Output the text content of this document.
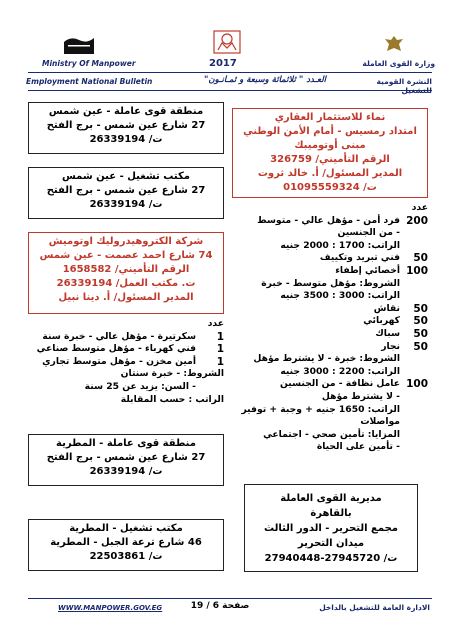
Ministry Of Manpower	2017	وزارة القوى العاملة
Employment National Bulletin	العـدد " ثلاثمائة وسبعة و ثمـانـون"	النشرة القومية للتشغيل
منطقة قوى عاملة - عين شمس
27 شارع عين شمس - برج الفتح
ت/ 26339194
مكتب تشغيل - عين شمس
27 شارع عين شمس - برج الفتح
ت/ 26339194
شركة الكتروهيدروليك اوتوميش
74 شارع احمد عصمت - عين شمس
الرقم التأميني/ 1658582
ت. مكتب العمل/ 26339194
المدير المسئول/ أ. دينا نبيل
عدد
1
سكرتيرة - مؤهل عالي - خبرة سنة
1
فني كهرباء - مؤهل متوسط صناعي
1
أمين مخزن - مؤهل متوسط تجاري
الشروط: - خبرة سنتان
- السن: يزيد عن 25 سنة
الراتب : حسب المقابلة
منطقة قوى عاملة - المطرية
27 شارع عين شمس - برج الفتح
ت/ 26339194
مكتب تشغيل - المطرية
46 شارع ترعة الجبل - المطرية
ت/ 22503861
نماء للاستثمار العقاري
امتداد رمسيس - أمام الأمن الوطني
مبنى أوتوميبك
الرقم التأميني/ 326759
المدير المسئول/ أ. خالد ثروت
ت/ 01095559324
عدد
200
فرد أمن - مؤهل عالي - متوسط
- من الجنسين
الراتب: 1700 : 2000 جنيه
50
فني تبريد وتكييف
100
أخصائي إطفاء
الشروط: مؤهل متوسط - خبرة
الراتب: 3000 : 3500 جنيه
50
نقاش
50
كهربائي
50
سباك
50
نجار
الشروط: خبرة - لا يشترط مؤهل
الراتب: 2200 : 3000 جنيه
100
عامل نظافة - من الجنسين
- لا يشترط مؤهل
الراتب: 1650 جنيه + وجبة + توفير
مواصلات
المزايا: تأمين صحي - اجتماعي
- تأمين على الحياة
مديرية القوى العاملة
بالقاهرة
مجمع التحرير - الدور الثالث
ميدان التحرير
ت/ 27945720-27940448
WWW.MANPOWER.GOV.EG	صفحة 6 / 19	الادارة العامة للتشغيل بالداخل
